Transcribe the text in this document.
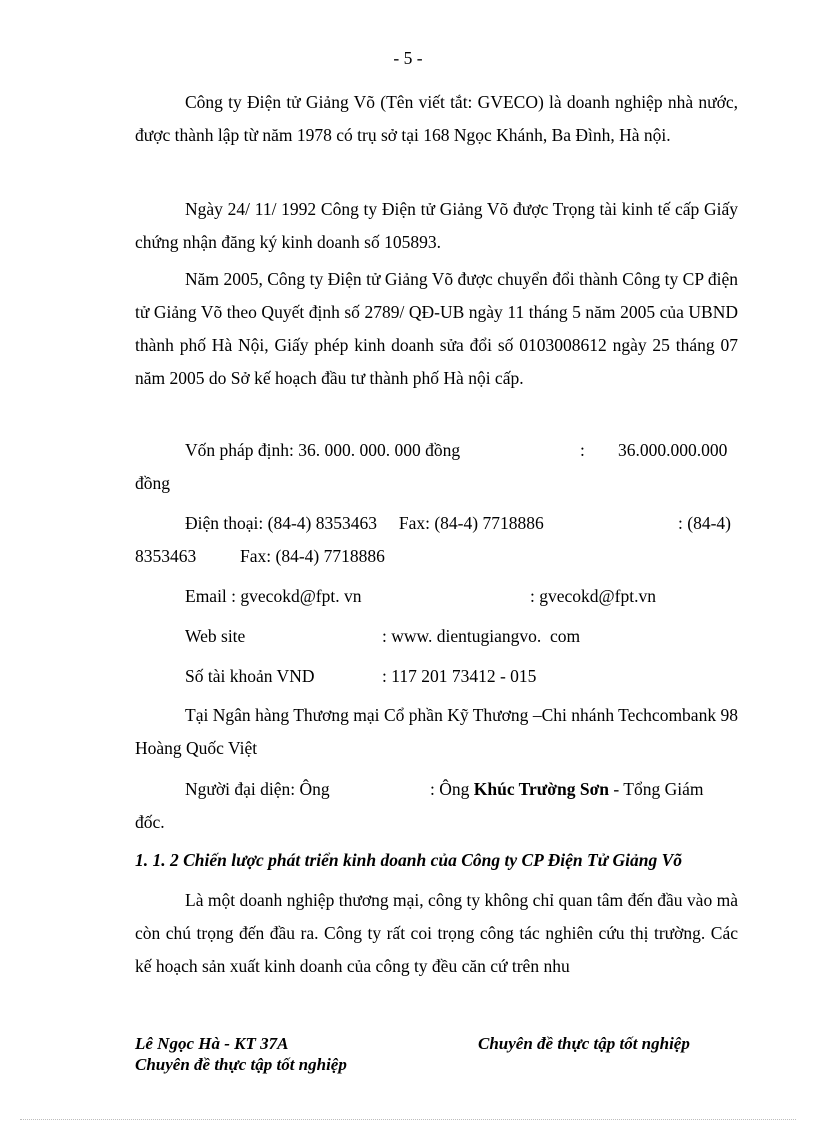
- 5 -

Công ty Điện tử Giảng Võ (Tên viết tắt: GVECO) là doanh nghiệp nhà nước, được thành lập từ năm 1978 có trụ sở tại 168 Ngọc Khánh, Ba Đình, Hà nội.

Ngày 24/ 11/ 1992 Công ty Điện tử Giảng Võ được Trọng tài kinh tế cấp Giấy chứng nhận đăng ký kinh doanh số 105893.

Năm 2005, Công ty Điện tử Giảng Võ được chuyển đổi thành Công ty CP điện tử Giảng Võ theo Quyết định số 2789/ QĐ-UB ngày 11 tháng 5 năm 2005 của UBND thành phố Hà Nội, Giấy phép kinh doanh sửa đổi số 0103008612 ngày 25 tháng 07 năm 2005 do Sở kế hoạch đầu tư thành phố Hà nội cấp.

Vốn pháp định: 36. 000. 000. 000 đồng	: 36.000.000.000
đồng
Điện thoại: (84-4) 8353463     Fax: (84-4) 7718886	: (84-4)
8353463          Fax: (84-4) 7718886
Email : gvecokd@fpt. vn	: gvecokd@fpt.vn
Web site	: www. dientugiangvo.  com
Số tài khoản VND	: 117 201 73412 - 015

Tại Ngân hàng Thương mại Cổ phần Kỹ Thương –Chi nhánh Techcombank 98 Hoàng Quốc Việt

Người đại diện: Ông	: Ông Khúc Trường Sơn - Tổng Giám
đốc.
1. 1. 2 Chiến lược phát triển kinh doanh của Công ty CP Điện Tử Giảng Võ

Là một doanh nghiệp thương mại, công ty không chỉ quan tâm đến đầu vào mà còn chú trọng đến đầu ra. Công ty rất coi trọng công tác nghiên cứu thị trường. Các kế hoạch sản xuất kinh doanh của công ty đều căn cứ trên nhu

Lê Ngọc Hà - KT 37A	Chuyên đề thực tập tốt nghiệp
Chuyên đề thực tập tốt nghiệp
